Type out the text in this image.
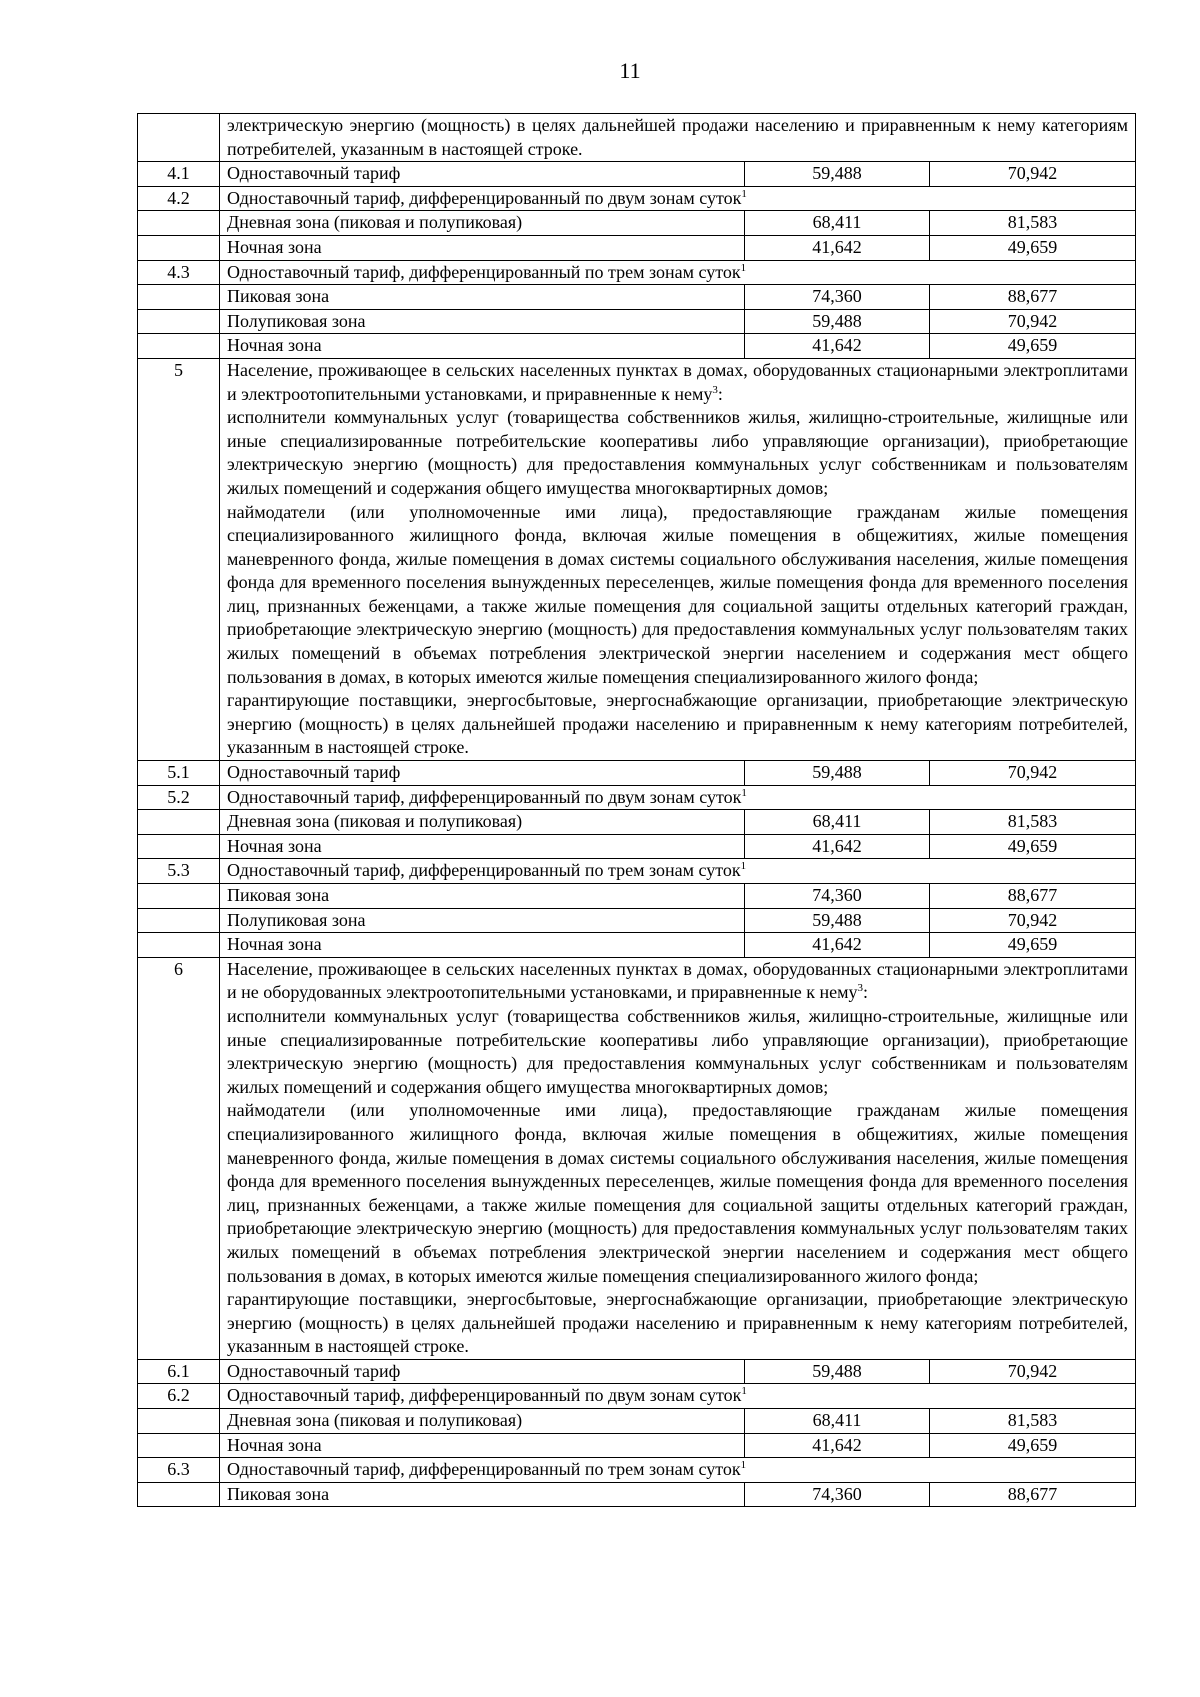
11

	электрическую энергию (мощность) в целях дальнейшей продажи населению и приравненным к нему категориям потребителей, указанным в настоящей строке.		

4.1	Одноставочный тариф	59,488	70,942
4.2	Одноставочный тариф, дифференцированный по двум зонам суток$^1$
	Дневная зона (пиковая и полупиковая)	68,411	81,583
	Ночная зона	41,642	49,659
4.3	Одноставочный тариф, дифференцированный по трем зонам суток$^1$
	Пиковая зона	74,360	88,677
	Полупиковая зона	59,488	70,942
	Ночная зона	41,642	49,659
5	Население, проживающее в сельских населенных пунктах в домах, оборудованных стационарными электроплитами и электроотопительными установками, и приравненные к нему$^3$:
исполнители коммунальных услуг (товарищества собственников жилья, жилищно-строительные, жилищные или иные специализированные потребительские кооперативы либо управляющие организации), приобретающие электрическую энергию (мощность) для предоставления коммунальных услуг собственникам и пользователям жилых помещений и содержания общего имущества многоквартирных домов;
наймодатели (или уполномоченные ими лица), предоставляющие гражданам жилые помещения специализированного жилищного фонда, включая жилые помещения в общежитиях, жилые помещения маневренного фонда, жилые помещения в домах системы социального обслуживания населения, жилые помещения фонда для временного поселения вынужденных переселенцев, жилые помещения фонда для временного поселения лиц, признанных беженцами, а также жилые помещения для социальной защиты отдельных категорий граждан, приобретающие электрическую энергию (мощность) для предоставления коммунальных услуг пользователям таких жилых помещений в объемах потребления электрической энергии населением и содержания мест общего пользования в домах, в которых имеются жилые помещения специализированного жилого фонда;
гарантирующие поставщики, энергосбытовые, энергоснабжающие организации, приобретающие электрическую энергию (мощность) в целях дальнейшей продажи населению и приравненным к нему категориям потребителей, указанным в настоящей строке.		

5.1	Одноставочный тариф	59,488	70,942
5.2	Одноставочный тариф, дифференцированный по двум зонам суток$^1$
	Дневная зона (пиковая и полупиковая)	68,411	81,583
	Ночная зона	41,642	49,659
5.3	Одноставочный тариф, дифференцированный по трем зонам суток$^1$
	Пиковая зона	74,360	88,677
	Полупиковая зона	59,488	70,942
	Ночная зона	41,642	49,659
6	Население, проживающее в сельских населенных пунктах в домах, оборудованных стационарными электроплитами и не оборудованных электроотопительными установками, и приравненные к нему$^3$:
исполнители коммунальных услуг (товарищества собственников жилья, жилищно-строительные, жилищные или иные специализированные потребительские кооперативы либо управляющие организации), приобретающие электрическую энергию (мощность) для предоставления коммунальных услуг собственникам и пользователям жилых помещений и содержания общего имущества многоквартирных домов;
наймодатели (или уполномоченные ими лица), предоставляющие гражданам жилые помещения специализированного жилищного фонда, включая жилые помещения в общежитиях, жилые помещения маневренного фонда, жилые помещения в домах системы социального обслуживания населения, жилые помещения фонда для временного поселения вынужденных переселенцев, жилые помещения фонда для временного поселения лиц, признанных беженцами, а также жилые помещения для социальной защиты отдельных категорий граждан, приобретающие электрическую энергию (мощность) для предоставления коммунальных услуг пользователям таких жилых помещений в объемах потребления электрической энергии населением и содержания мест общего пользования в домах, в которых имеются жилые помещения специализированного жилого фонда;
гарантирующие поставщики, энергосбытовые, энергоснабжающие организации, приобретающие электрическую энергию (мощность) в целях дальнейшей продажи населению и приравненным к нему категориям потребителей, указанным в настоящей строке.		

6.1	Одноставочный тариф	59,488	70,942
6.2	Одноставочный тариф, дифференцированный по двум зонам суток$^1$
	Дневная зона (пиковая и полупиковая)	68,411	81,583
	Ночная зона	41,642	49,659
6.3	Одноставочный тариф, дифференцированный по трем зонам суток$^1$
	Пиковая зона	74,360	88,677
